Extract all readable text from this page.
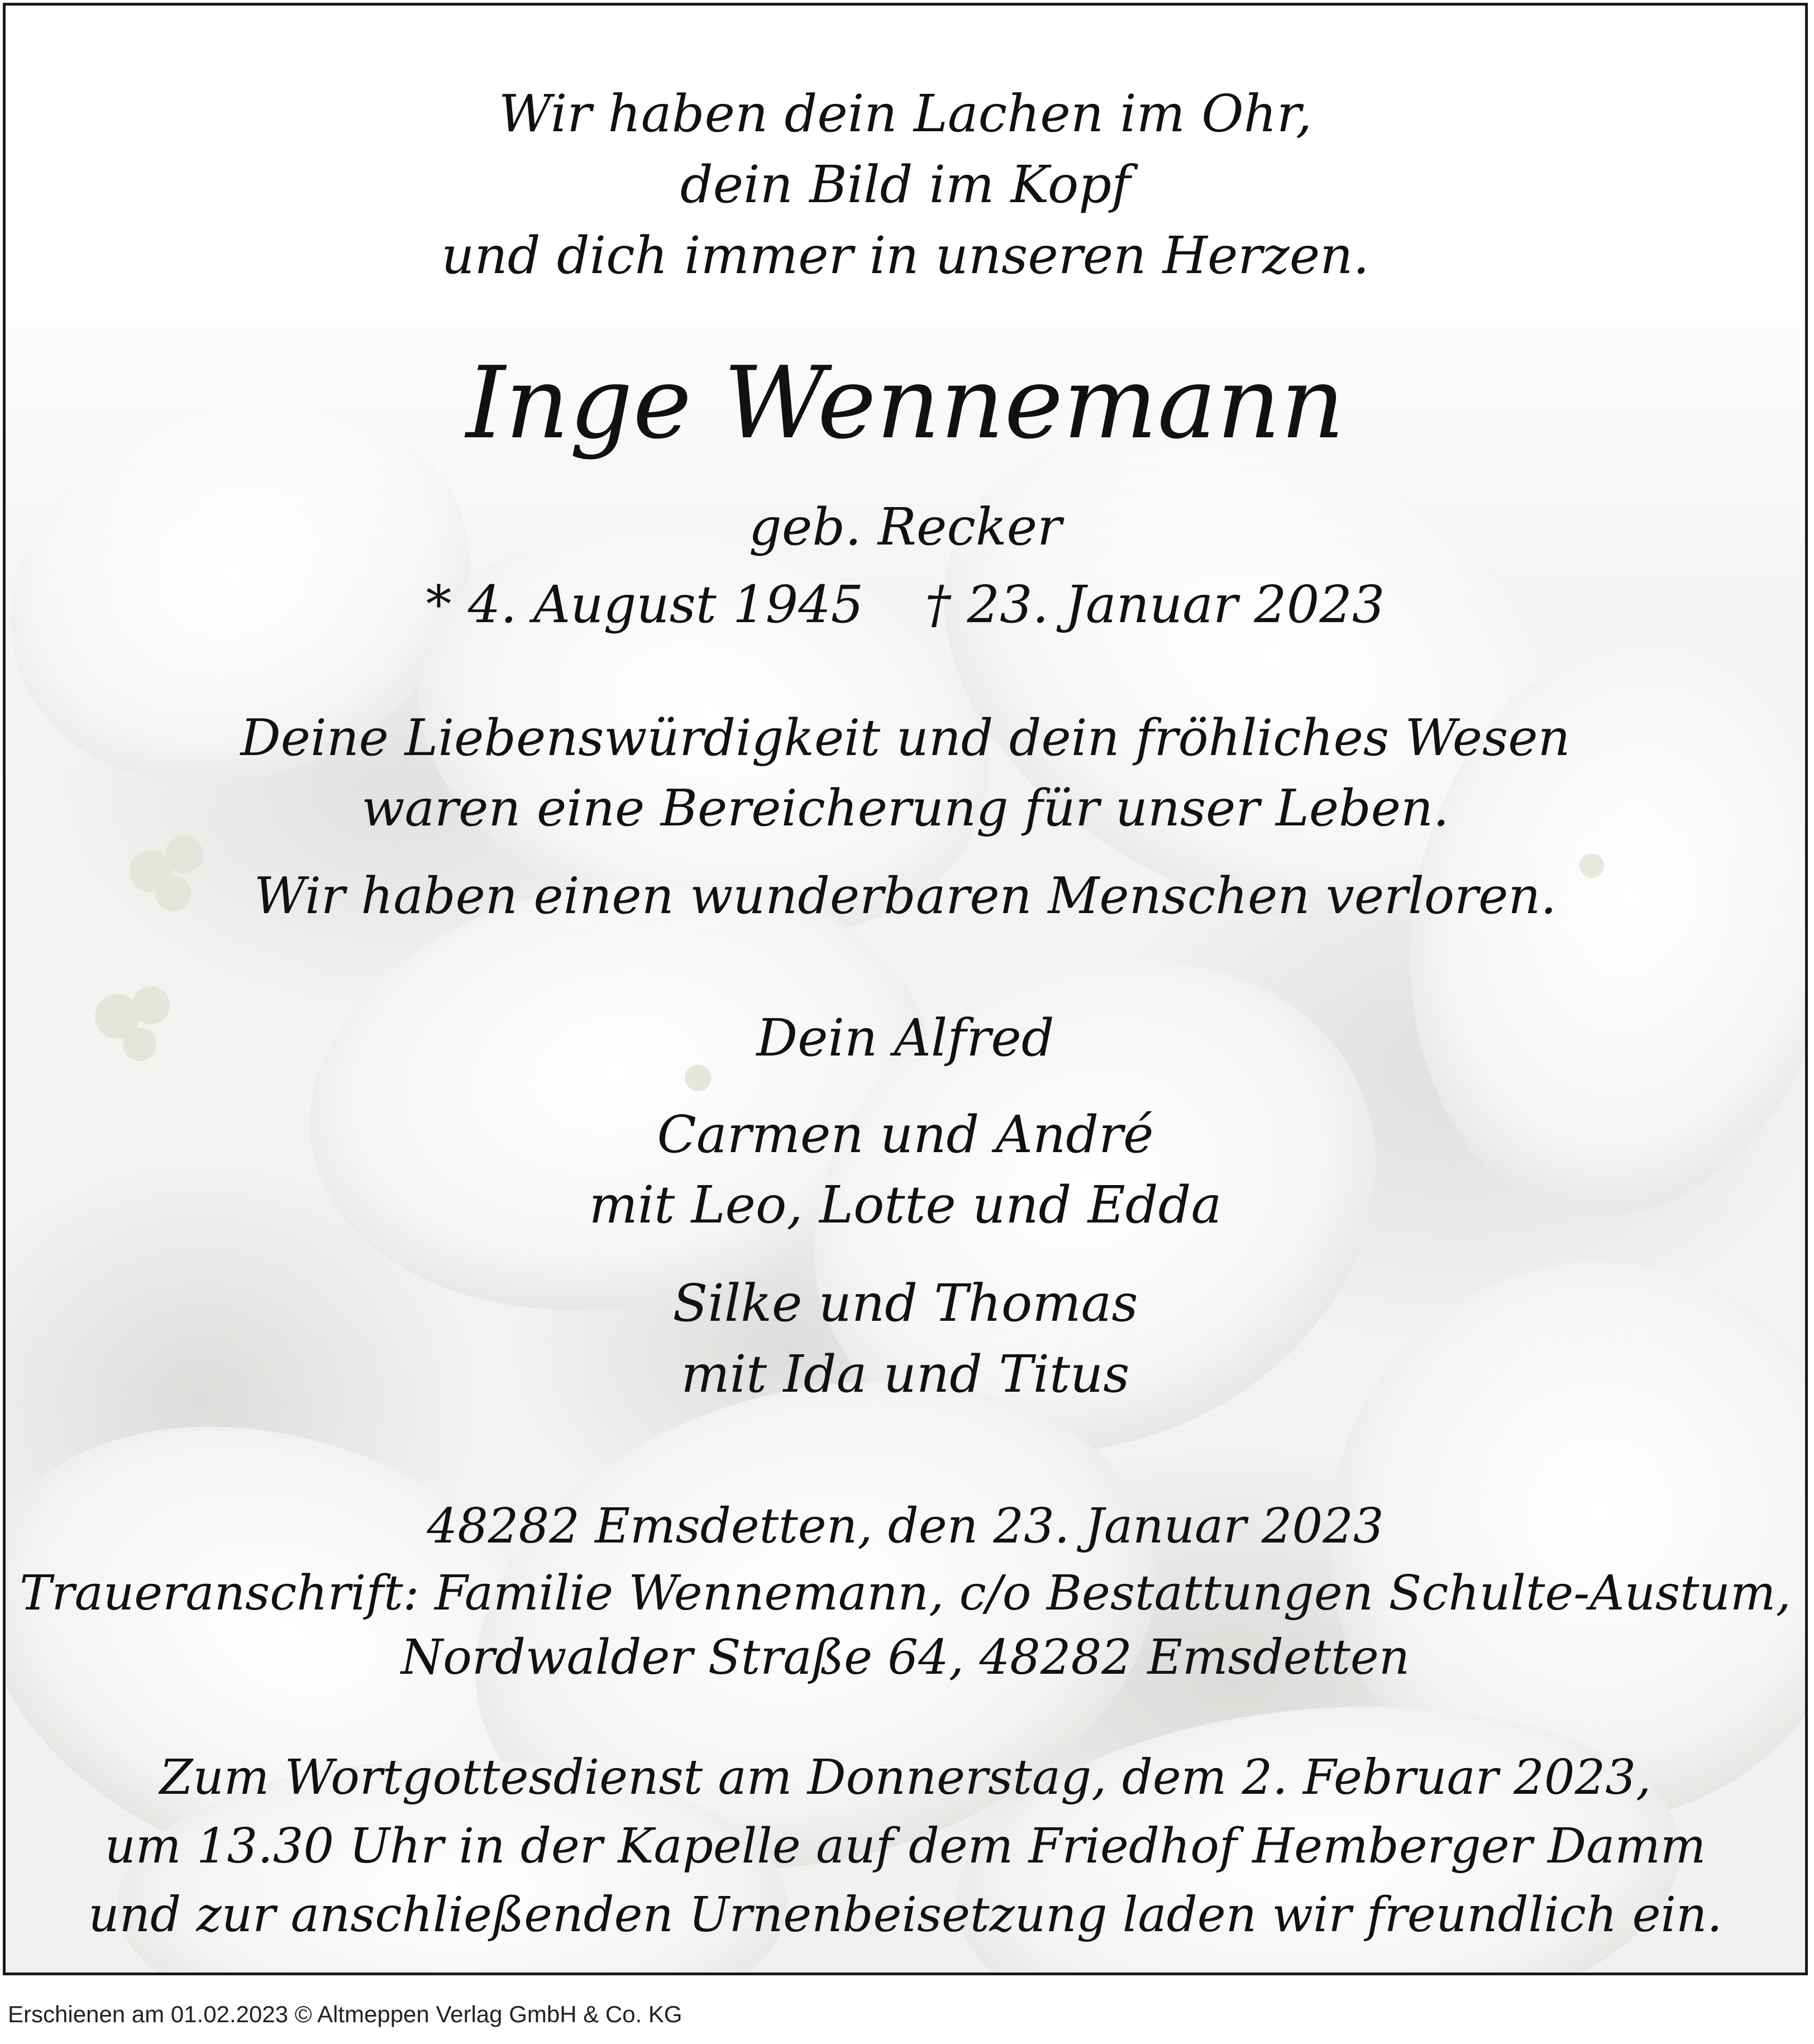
Wir haben dein Lachen im Ohr,
dein Bild im Kopf
und dich immer in unseren Herzen.
Inge Wennemann
geb. Recker
* 4. August 1945 † 23. Januar 2023
Deine Liebenswürdigkeit und dein fröhliches Wesen
waren eine Bereicherung für unser Leben.
Wir haben einen wunderbaren Menschen verloren.
Dein Alfred
Carmen und André
mit Leo, Lotte und Edda
Silke und Thomas
mit Ida und Titus
48282 Emsdetten, den 23. Januar 2023
Traueranschrift: Familie Wennemann, c/o Bestattungen Schulte-Austum,
Nordwalder Straße 64, 48282 Emsdetten
Zum Wortgottesdienst am Donnerstag, dem 2. Februar 2023,
um 13.30 Uhr in der Kapelle auf dem Friedhof Hemberger Damm
und zur anschließenden Urnenbeisetzung laden wir freundlich ein.
Erschienen am 01.02.2023 © Altmeppen Verlag GmbH & Co. KG
